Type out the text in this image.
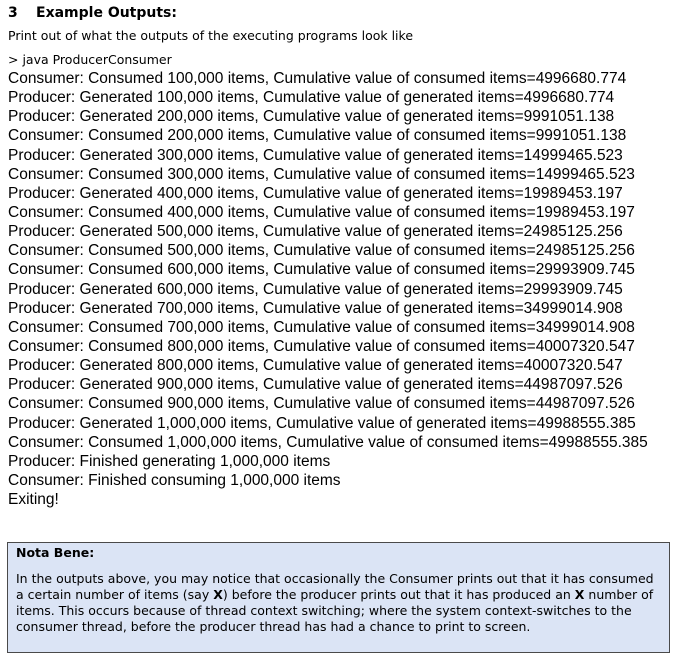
3 Example Outputs:
Print out of what the outputs of the executing programs look like
> java ProducerConsumer
Consumer: Consumed 100,000 items, Cumulative value of consumed items=4996680.774
Producer: Generated 100,000 items, Cumulative value of generated items=4996680.774
Producer: Generated 200,000 items, Cumulative value of generated items=9991051.138
Consumer: Consumed 200,000 items, Cumulative value of consumed items=9991051.138
Producer: Generated 300,000 items, Cumulative value of generated items=14999465.523
Consumer: Consumed 300,000 items, Cumulative value of consumed items=14999465.523
Producer: Generated 400,000 items, Cumulative value of generated items=19989453.197
Consumer: Consumed 400,000 items, Cumulative value of consumed items=19989453.197
Producer: Generated 500,000 items, Cumulative value of generated items=24985125.256
Consumer: Consumed 500,000 items, Cumulative value of consumed items=24985125.256
Consumer: Consumed 600,000 items, Cumulative value of consumed items=29993909.745
Producer: Generated 600,000 items, Cumulative value of generated items=29993909.745
Producer: Generated 700,000 items, Cumulative value of generated items=34999014.908
Consumer: Consumed 700,000 items, Cumulative value of consumed items=34999014.908
Consumer: Consumed 800,000 items, Cumulative value of consumed items=40007320.547
Producer: Generated 800,000 items, Cumulative value of generated items=40007320.547
Producer: Generated 900,000 items, Cumulative value of generated items=44987097.526
Consumer: Consumed 900,000 items, Cumulative value of consumed items=44987097.526
Producer: Generated 1,000,000 items, Cumulative value of generated items=49988555.385
Consumer: Consumed 1,000,000 items, Cumulative value of consumed items=49988555.385
Producer: Finished generating 1,000,000 items
Consumer: Finished consuming 1,000,000 items
Exiting!
Nota Bene:
In the outputs above, you may notice that occasionally the Consumer prints out that it has consumed a certain number of items (say X) before the producer prints out that it has produced an X number of items. This occurs because of thread context switching; where the system context-switches to the consumer thread, before the producer thread has had a chance to print to screen.
